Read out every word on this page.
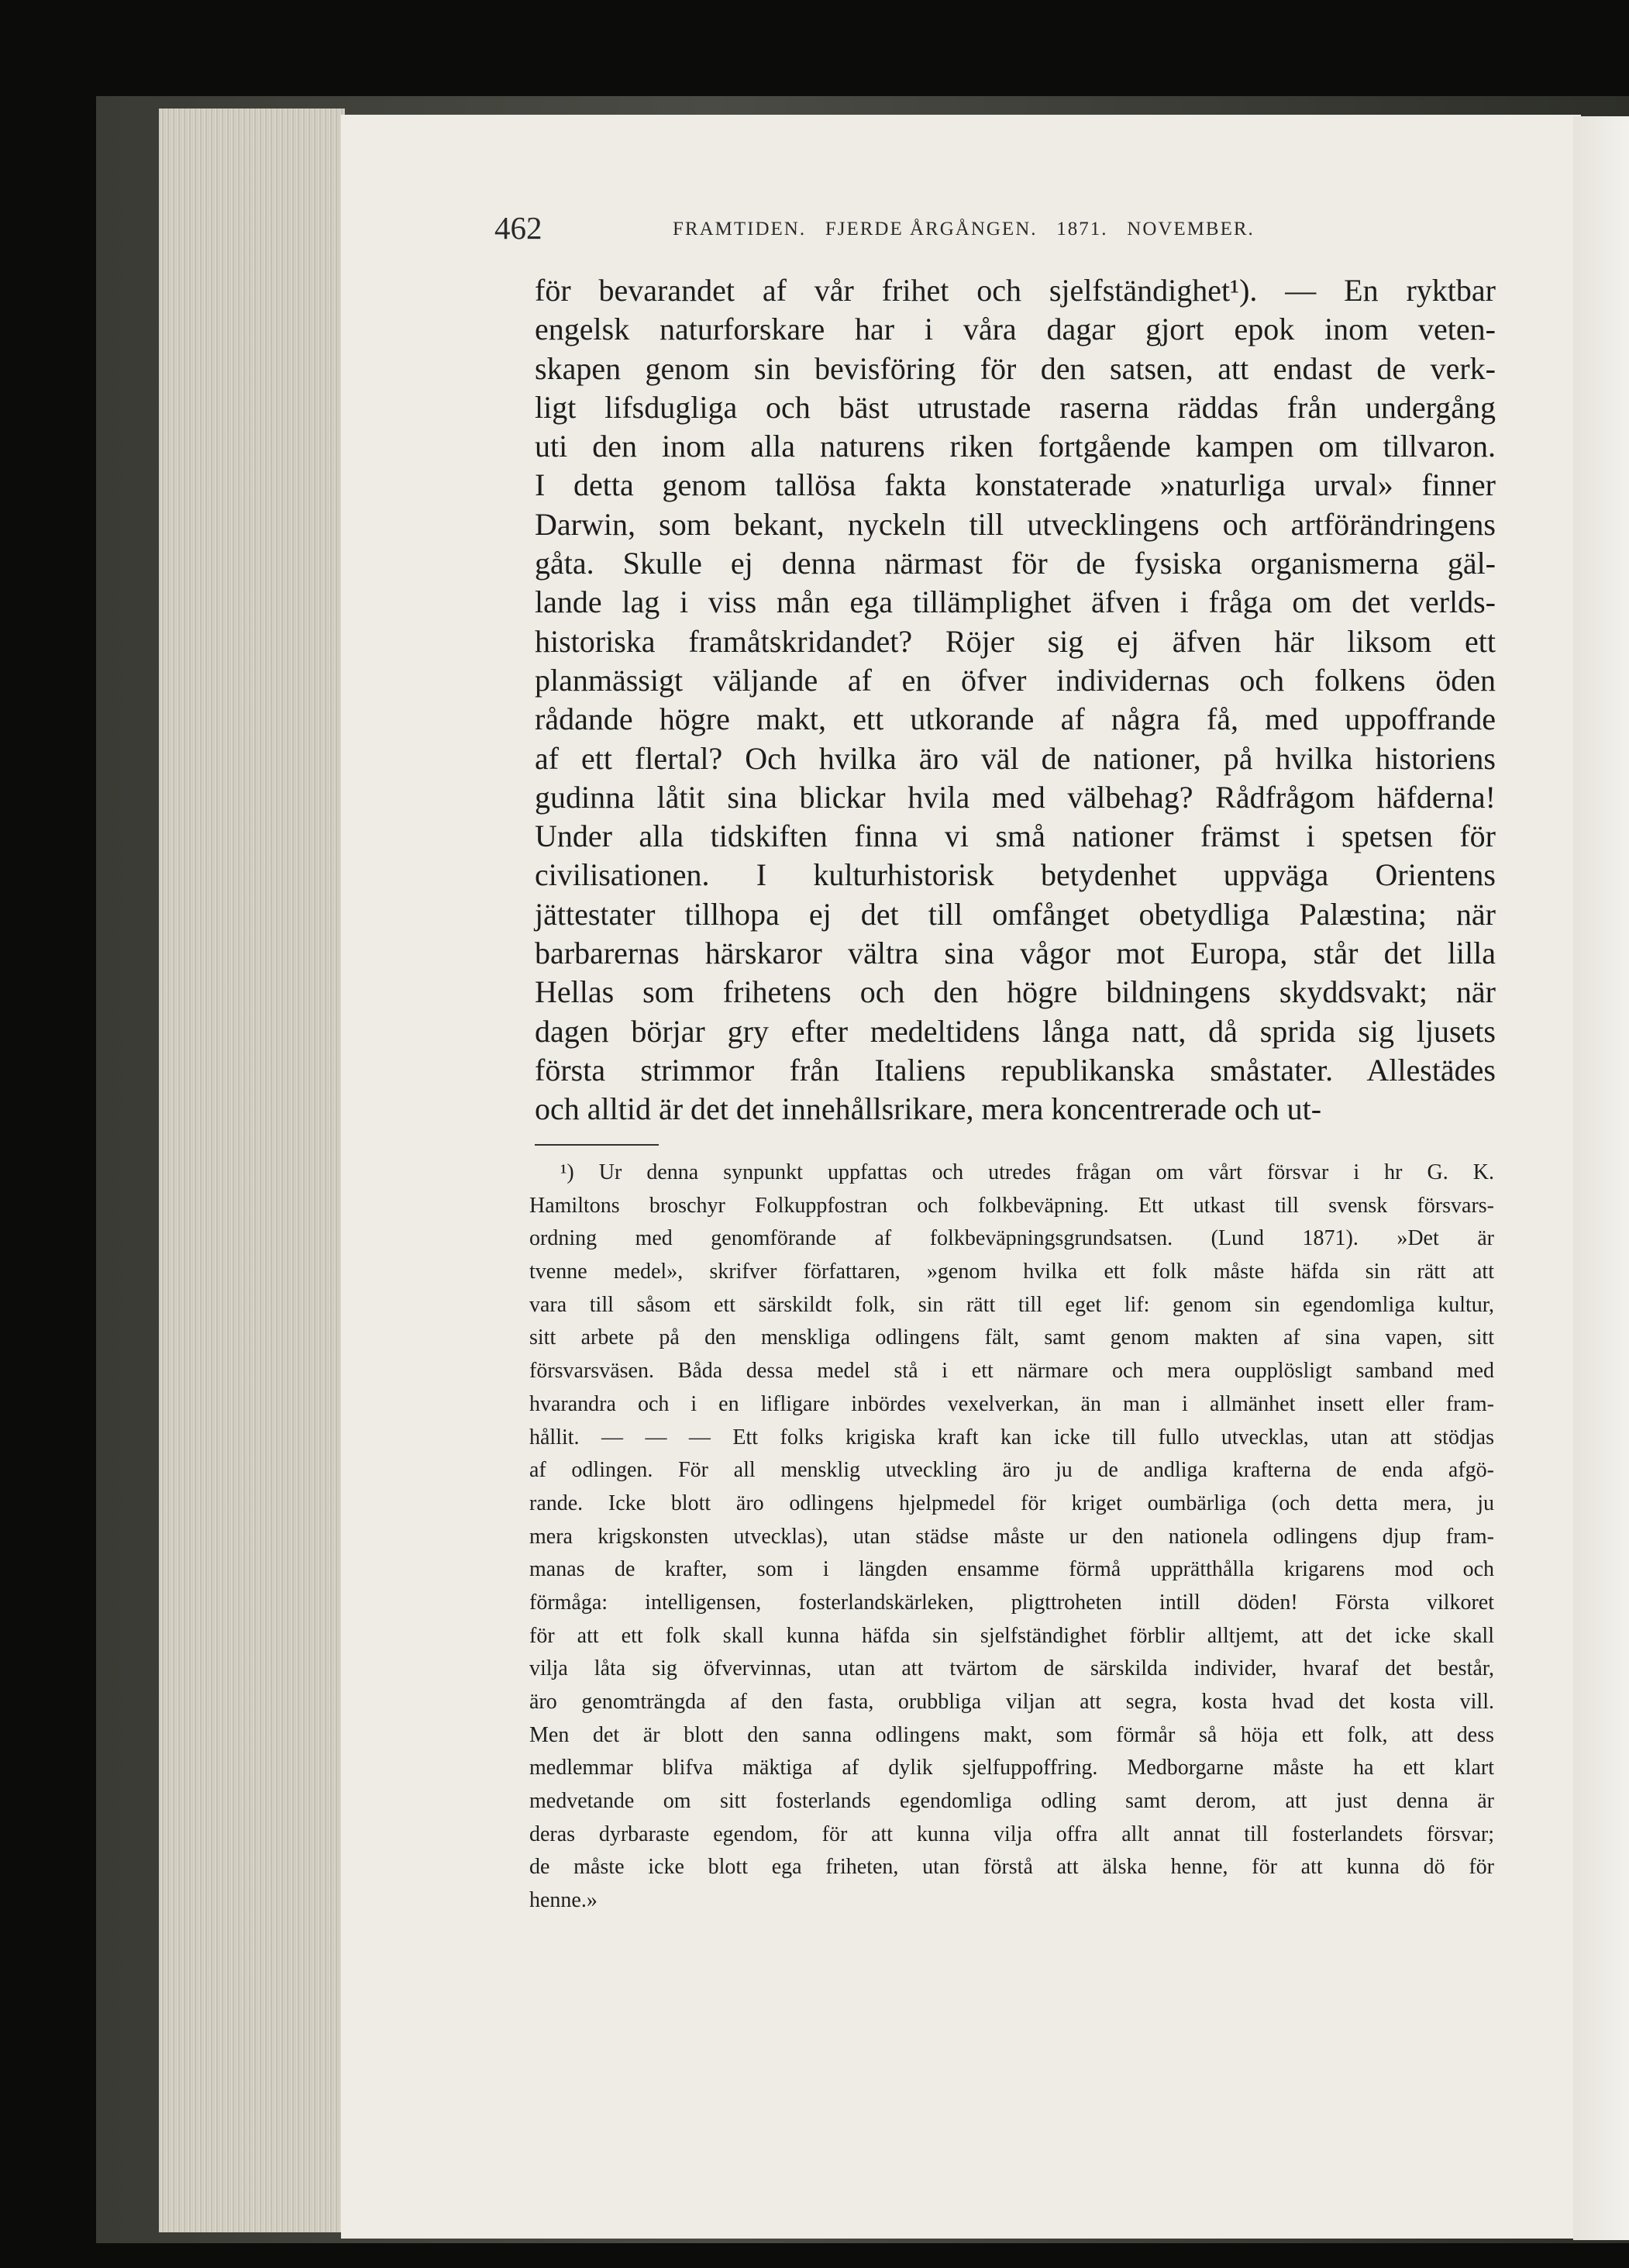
462	FRAMTIDEN.   FJERDE ÅRGÅNGEN.   1871.   NOVEMBER.
för bevarandet af vår frihet och sjelfständighet¹). — En ryktbar
engelsk naturforskare har i våra dagar gjort epok inom veten-
skapen genom sin bevisföring för den satsen, att endast de verk-
ligt lifsdugliga och bäst utrustade raserna räddas från undergång
uti den inom alla naturens riken fortgående kampen om tillvaron.
I detta genom tallösa fakta konstaterade »naturliga urval» finner
Darwin, som bekant, nyckeln till utvecklingens och artförändringens
gåta. Skulle ej denna närmast för de fysiska organismerna gäl-
lande lag i viss mån ega tillämplighet äfven i fråga om det verlds-
historiska framåtskridandet? Röjer sig ej äfven här liksom ett
planmässigt väljande af en öfver individernas och folkens öden
rådande högre makt, ett utkorande af några få, med uppoffrande
af ett flertal? Och hvilka äro väl de nationer, på hvilka historiens
gudinna låtit sina blickar hvila med välbehag? Rådfrågom häfderna!
Under alla tidskiften finna vi små nationer främst i spetsen för
civilisationen. I kulturhistorisk betydenhet uppväga Orientens
jättestater tillhopa ej det till omfånget obetydliga Palæstina; när
barbarernas härskaror vältra sina vågor mot Europa, står det lilla
Hellas som frihetens och den högre bildningens skyddsvakt; när
dagen börjar gry efter medeltidens långa natt, då sprida sig ljusets
första strimmor från Italiens republikanska småstater. Allestädes
och alltid är det det innehållsrikare, mera koncentrerade och ut-
¹) Ur denna synpunkt uppfattas och utredes frågan om vårt försvar i hr G. K.
Hamiltons broschyr Folkuppfostran och folkbeväpning. Ett utkast till svensk försvars-
ordning med genomförande af folkbeväpningsgrundsatsen. (Lund 1871). »Det är
tvenne medel», skrifver författaren, »genom hvilka ett folk måste häfda sin rätt att
vara till såsom ett särskildt folk, sin rätt till eget lif: genom sin egendomliga kultur,
sitt arbete på den menskliga odlingens fält, samt genom makten af sina vapen, sitt
försvarsväsen. Båda dessa medel stå i ett närmare och mera oupplösligt samband med
hvarandra och i en lifligare inbördes vexelverkan, än man i allmänhet insett eller fram-
hållit. — — — Ett folks krigiska kraft kan icke till fullo utvecklas, utan att stödjas
af odlingen. För all mensklig utveckling äro ju de andliga krafterna de enda afgö-
rande. Icke blott äro odlingens hjelpmedel för kriget oumbärliga (och detta mera, ju
mera krigskonsten utvecklas), utan städse måste ur den nationela odlingens djup fram-
manas de krafter, som i längden ensamme förmå upprätthålla krigarens mod och
förmåga: intelligensen, fosterlandskärleken, pligttroheten intill döden! Första vilkoret
för att ett folk skall kunna häfda sin sjelfständighet förblir alltjemt, att det icke skall
vilja låta sig öfvervinnas, utan att tvärtom de särskilda individer, hvaraf det består,
äro genomträngda af den fasta, orubbliga viljan att segra, kosta hvad det kosta vill.
Men det är blott den sanna odlingens makt, som förmår så höja ett folk, att dess
medlemmar blifva mäktiga af dylik sjelfuppoffring. Medborgarne måste ha ett klart
medvetande om sitt fosterlands egendomliga odling samt derom, att just denna är
deras dyrbaraste egendom, för att kunna vilja offra allt annat till fosterlandets försvar;
de måste icke blott ega friheten, utan förstå att älska henne, för att kunna dö för
henne.»
